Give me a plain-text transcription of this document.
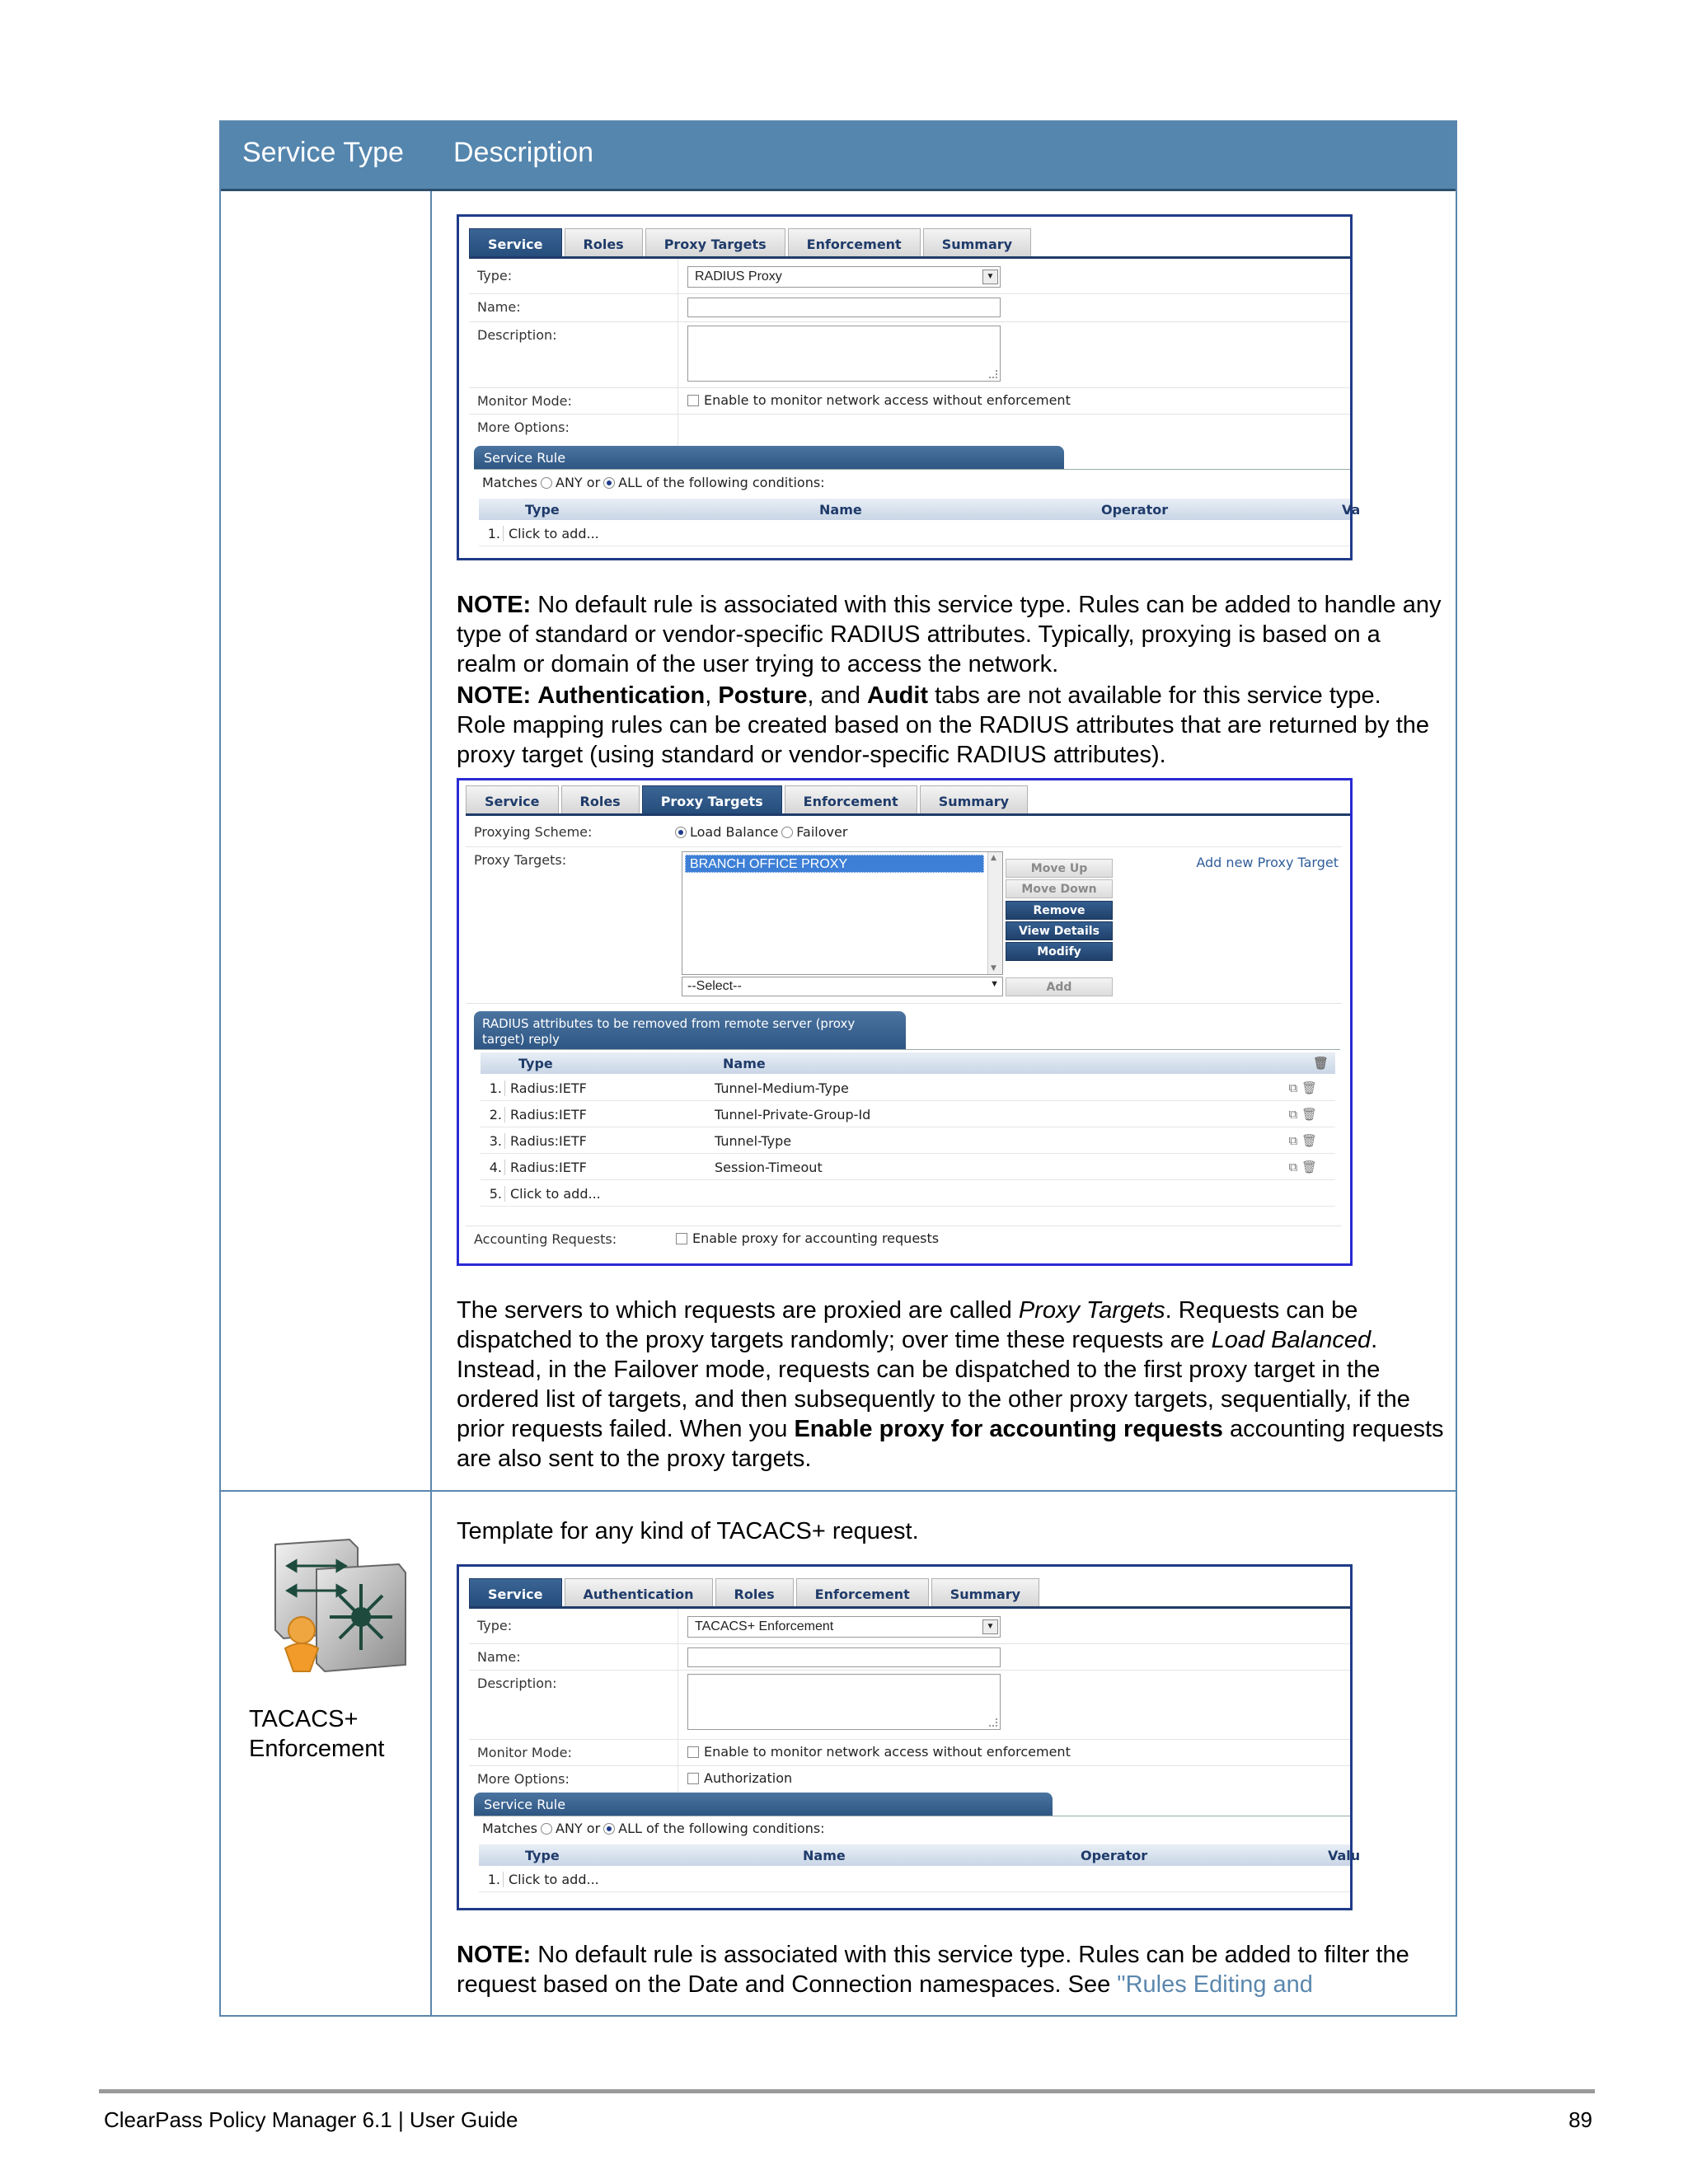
Service Type	Description
Service	Roles	Proxy Targets	Enforcement	Summary
Type:	RADIUS Proxy	▼
Name:
Description:
Monitor Mode:	Enable to monitor network access without enforcement
More Options:
Service Rule
Matches ANY or ALL of the following conditions:
Type	Name	Operator	Va
1. Click to add...

NOTE: No default rule is associated with this service type. Rules can be added to handle any type of standard or vendor-specific RADIUS attributes. Typically, proxying is based on a realm or domain of the user trying to access the network.

NOTE: Authentication, Posture, and Audit tabs are not available for this service type.

Role mapping rules can be created based on the RADIUS attributes that are returned by the proxy target (using standard or vendor-specific RADIUS attributes).

Service	Roles	Proxy Targets	Enforcement	Summary
Proxying Scheme:	Load Balance Failover
Proxy Targets:	BRANCH OFFICE PROXY
▲ ▼	Add new Proxy Target
Move Up
Move Down
Remove
View Details
Modify
--Select--	▼	Add
RADIUS attributes to be removed from remote server (proxy target) reply
Type	Name	🗑
1. Radius:IETF	Tunnel-Medium-Type	⧉ 🗑
2. Radius:IETF	Tunnel-Private-Group-Id	⧉ 🗑
3. Radius:IETF	Tunnel-Type	⧉ 🗑
4. Radius:IETF	Session-Timeout	⧉ 🗑
5. Click to add...
Accounting Requests:	Enable proxy for accounting requests

The servers to which requests are proxied are called Proxy Targets. Requests can be dispatched to the proxy targets randomly; over time these requests are Load Balanced. Instead, in the Failover mode, requests can be dispatched to the first proxy target in the ordered list of targets, and then subsequently to the other proxy targets, sequentially, if the prior requests failed. When you Enable proxy for accounting requests accounting requests are also sent to the proxy targets.

TACACS+
Enforcement

Template for any kind of TACACS+ request.

Service	Authentication	Roles	Enforcement	Summary
Type:	TACACS+ Enforcement	▼
Name:
Description:
Monitor Mode:	Enable to monitor network access without enforcement
More Options:	Authorization
Service Rule
Matches ANY or ALL of the following conditions:
Type	Name	Operator	Valu
1. Click to add...

NOTE: No default rule is associated with this service type. Rules can be added to filter the request based on the Date and Connection namespaces. See "Rules Editing and

ClearPass Policy Manager 6.1 | User Guide	89
